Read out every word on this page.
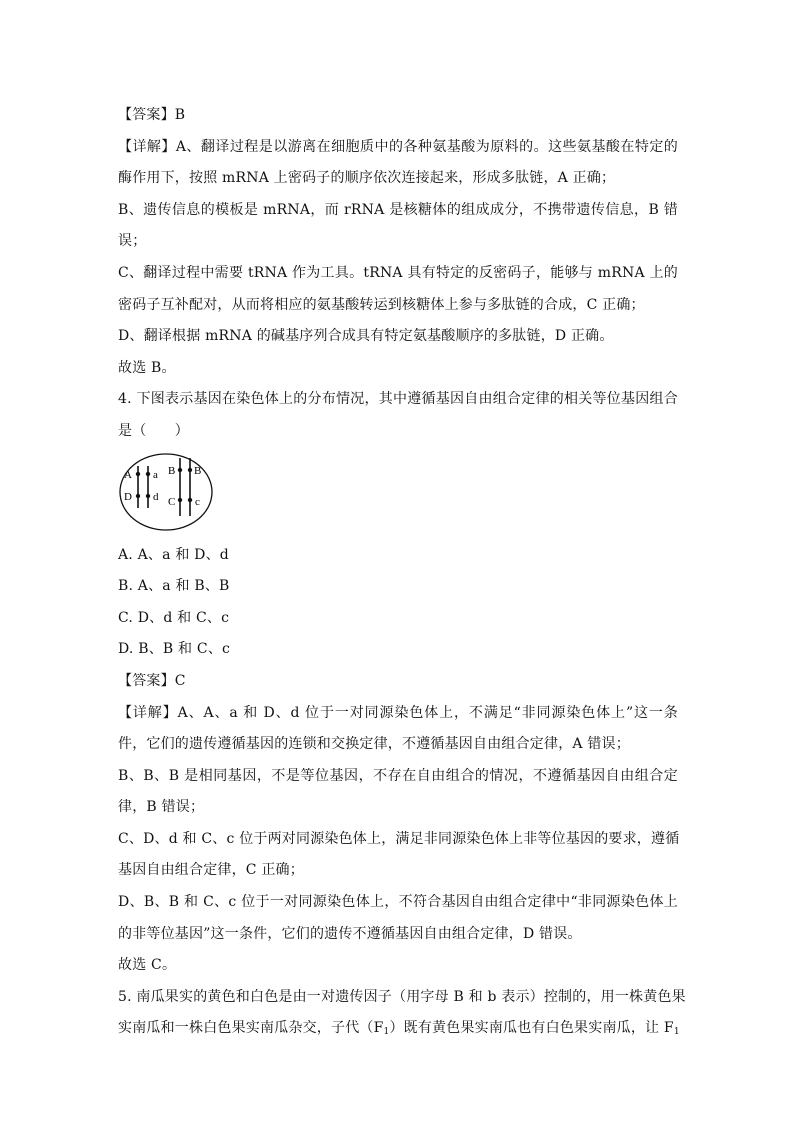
【答案】B
【详解】A、翻译过程是以游离在细胞质中的各种氨基酸为原料的。这些氨基酸在特定的
酶作用下，按照 mRNA 上密码子的顺序依次连接起来，形成多肽链，A 正确；
B、遗传信息的模板是 mRNA，而 rRNA 是核糖体的组成成分，不携带遗传信息，B 错
误；
C、翻译过程中需要 tRNA 作为工具。tRNA 具有特定的反密码子，能够与 mRNA 上的
密码子互补配对，从而将相应的氨基酸转运到核糖体上参与多肽链的合成，C 正确；
D、翻译根据 mRNA 的碱基序列合成具有特定氨基酸顺序的多肽链，D 正确。
故选 B。
4. 下图表示基因在染色体上的分布情况，其中遵循基因自由组合定律的相关等位基因组合
是（　　）
A a
D d
B B
C c
A. A、a 和 D、d
B. A、a 和 B、B
C. D、d 和 C、c
D. B、B 和 C、c
【答案】C
【详解】A、A、a 和 D、d 位于一对同源染色体上，不满足“非同源染色体上”这一条
件，它们的遗传遵循基因的连锁和交换定律，不遵循基因自由组合定律，A 错误；
B、B、B 是相同基因，不是等位基因，不存在自由组合的情况，不遵循基因自由组合定
律，B 错误；
C、D、d 和 C、c 位于两对同源染色体上，满足非同源染色体上非等位基因的要求，遵循
基因自由组合定律，C 正确；
D、B、B 和 C、c 位于一对同源染色体上，不符合基因自由组合定律中“非同源染色体上
的非等位基因”这一条件，它们的遗传不遵循基因自由组合定律，D 错误。
故选 C。
5. 南瓜果实的黄色和白色是由一对遗传因子（用字母 B 和 b 表示）控制的，用一株黄色果
实南瓜和一株白色果实南瓜杂交，子代$(F_1)$既有黄色果实南瓜也有白色果实南瓜，让 $F_1$
